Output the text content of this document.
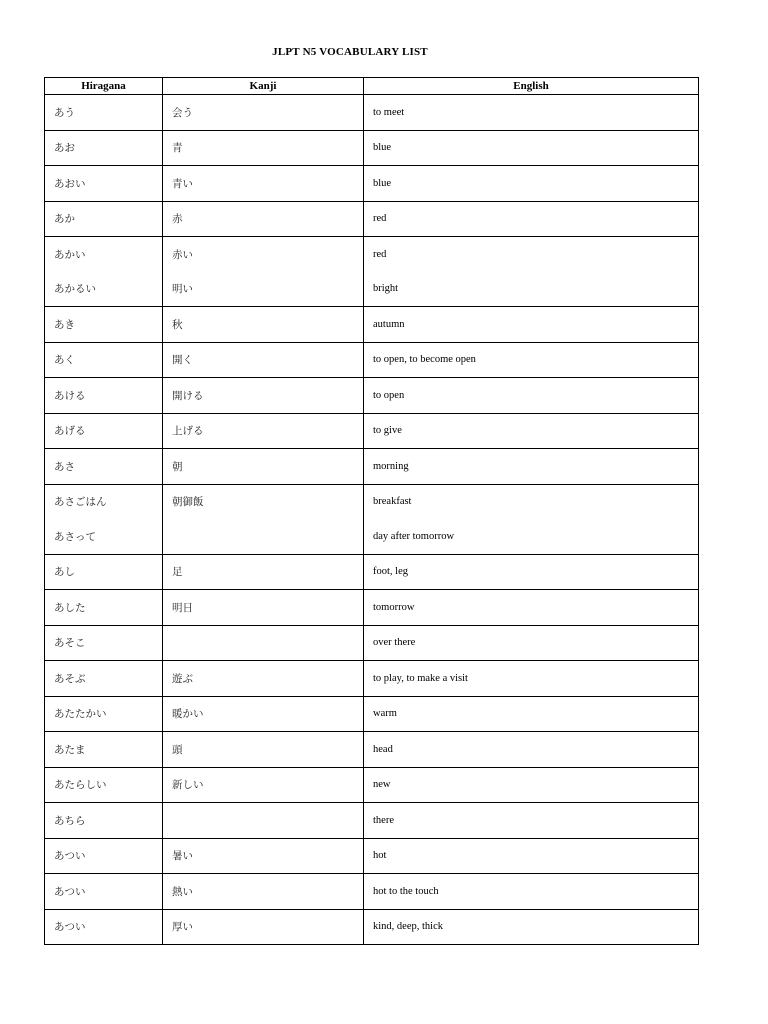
JLPT N5 VOCABULARY LIST
Hiragana	Kanji	English
あう	会う	to meet
あお	青	blue
あおい	青い	blue
あか	赤	red
あかい	赤い	red
あかるい	明い	bright
あき	秋	autumn
あく	開く	to open, to become open
あける	開ける	to open
あげる	上げる	to give
あさ	朝	morning
あさごはん	朝御飯	breakfast
あさって		day after tomorrow
あし	足	foot, leg
あした	明日	tomorrow
あそこ		over there
あそぶ	遊ぶ	to play, to make a visit
あたたかい	暖かい	warm
あたま	頭	head
あたらしい	新しい	new
あちら		there
あつい	暑い	hot
あつい	熱い	hot to the touch
あつい	厚い	kind, deep, thick
